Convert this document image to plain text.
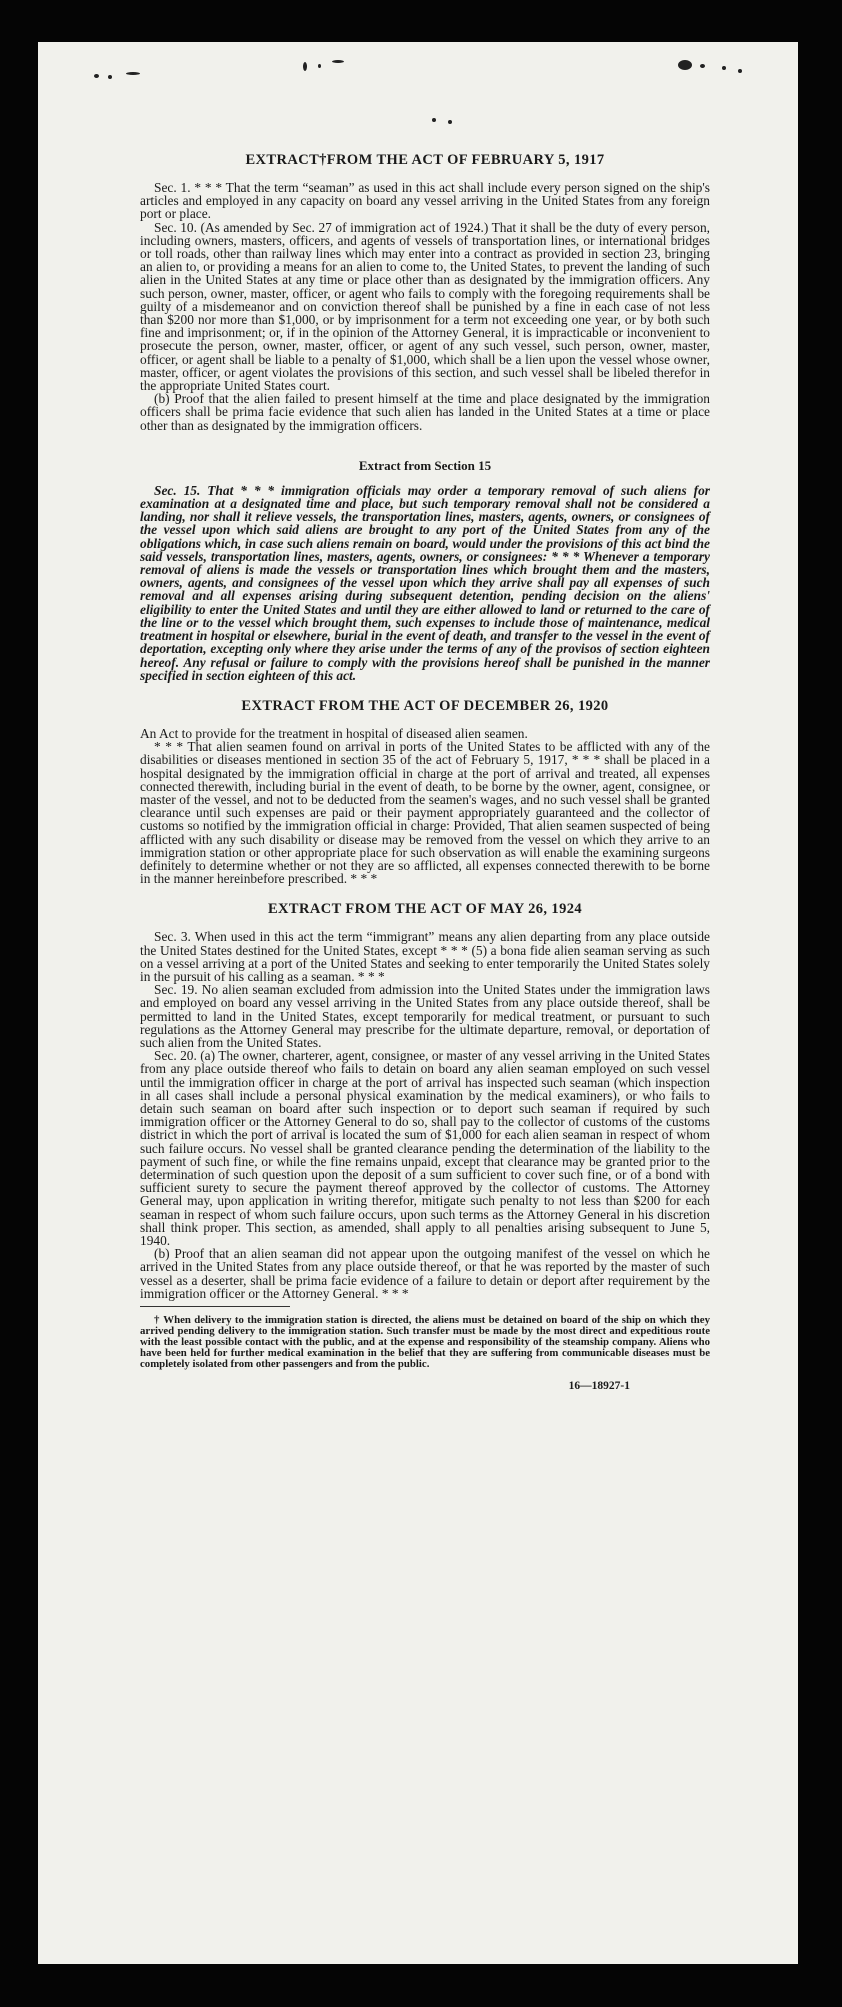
EXTRACT†FROM THE ACT OF FEBRUARY 5, 1917

Sec. 1. * * * That the term “seaman” as used in this act shall include every person signed on the ship's articles and employed in any capacity on board any vessel arriving in the United States from any foreign port or place.

Sec. 10. (As amended by Sec. 27 of immigration act of 1924.) That it shall be the duty of every person, including owners, masters, officers, and agents of vessels of transportation lines, or international bridges or toll roads, other than railway lines which may enter into a contract as provided in section 23, bringing an alien to, or providing a means for an alien to come to, the United States, to prevent the landing of such alien in the United States at any time or place other than as designated by the immigration officers. Any such person, owner, master, officer, or agent who fails to comply with the foregoing requirements shall be guilty of a misdemeanor and on conviction thereof shall be punished by a fine in each case of not less than $200 nor more than $1,000, or by imprisonment for a term not exceeding one year, or by both such fine and imprisonment; or, if in the opinion of the Attorney General, it is impracticable or inconvenient to prosecute the person, owner, master, officer, or agent of any such vessel, such person, owner, master, officer, or agent shall be liable to a penalty of $1,000, which shall be a lien upon the vessel whose owner, master, officer, or agent violates the provisions of this section, and such vessel shall be libeled therefor in the appropriate United States court.

(b) Proof that the alien failed to present himself at the time and place designated by the immigration officers shall be prima facie evidence that such alien has landed in the United States at a time or place other than as designated by the immigration officers.

Extract from Section 15

Sec. 15. That * * * immigration officials may order a temporary removal of such aliens for examination at a designated time and place, but such temporary removal shall not be considered a landing, nor shall it relieve vessels, the transportation lines, masters, agents, owners, or consignees of the vessel upon which said aliens are brought to any port of the United States from any of the obligations which, in case such aliens remain on board, would under the provisions of this act bind the said vessels, transportation lines, masters, agents, owners, or consignees: * * * Whenever a temporary removal of aliens is made the vessels or transportation lines which brought them and the masters, owners, agents, and consignees of the vessel upon which they arrive shall pay all expenses of such removal and all expenses arising during subsequent detention, pending decision on the aliens' eligibility to enter the United States and until they are either allowed to land or returned to the care of the line or to the vessel which brought them, such expenses to include those of maintenance, medical treatment in hospital or elsewhere, burial in the event of death, and transfer to the vessel in the event of deportation, excepting only where they arise under the terms of any of the provisos of section eighteen hereof. Any refusal or failure to comply with the provisions hereof shall be punished in the manner specified in section eighteen of this act.

EXTRACT FROM THE ACT OF DECEMBER 26, 1920

An Act to provide for the treatment in hospital of diseased alien seamen.

* * * That alien seamen found on arrival in ports of the United States to be afflicted with any of the disabilities or diseases mentioned in section 35 of the act of February 5, 1917, * * * shall be placed in a hospital designated by the immigration official in charge at the port of arrival and treated, all expenses connected therewith, including burial in the event of death, to be borne by the owner, agent, consignee, or master of the vessel, and not to be deducted from the seamen's wages, and no such vessel shall be granted clearance until such expenses are paid or their payment appropriately guaranteed and the collector of customs so notified by the immigration official in charge: Provided, That alien seamen suspected of being afflicted with any such disability or disease may be removed from the vessel on which they arrive to an immigration station or other appropriate place for such observation as will enable the examining surgeons definitely to determine whether or not they are so afflicted, all expenses connected therewith to be borne in the manner hereinbefore prescribed. * * *

EXTRACT FROM THE ACT OF MAY 26, 1924

Sec. 3. When used in this act the term “immigrant” means any alien departing from any place outside the United States destined for the United States, except * * * (5) a bona fide alien seaman serving as such on a vessel arriving at a port of the United States and seeking to enter temporarily the United States solely in the pursuit of his calling as a seaman. * * *

Sec. 19. No alien seaman excluded from admission into the United States under the immigration laws and employed on board any vessel arriving in the United States from any place outside thereof, shall be permitted to land in the United States, except temporarily for medical treatment, or pursuant to such regulations as the Attorney General may prescribe for the ultimate departure, removal, or deportation of such alien from the United States.

Sec. 20. (a) The owner, charterer, agent, consignee, or master of any vessel arriving in the United States from any place outside thereof who fails to detain on board any alien seaman employed on such vessel until the immigration officer in charge at the port of arrival has inspected such seaman (which inspection in all cases shall include a personal physical examination by the medical examiners), or who fails to detain such seaman on board after such inspection or to deport such seaman if required by such immigration officer or the Attorney General to do so, shall pay to the collector of customs of the customs district in which the port of arrival is located the sum of $1,000 for each alien seaman in respect of whom such failure occurs. No vessel shall be granted clearance pending the determination of the liability to the payment of such fine, or while the fine remains unpaid, except that clearance may be granted prior to the determination of such question upon the deposit of a sum sufficient to cover such fine, or of a bond with sufficient surety to secure the payment thereof approved by the collector of customs. The Attorney General may, upon application in writing therefor, mitigate such penalty to not less than $200 for each seaman in respect of whom such failure occurs, upon such terms as the Attorney General in his discretion shall think proper. This section, as amended, shall apply to all penalties arising subsequent to June 5, 1940.

(b) Proof that an alien seaman did not appear upon the outgoing manifest of the vessel on which he arrived in the United States from any place outside thereof, or that he was reported by the master of such vessel as a deserter, shall be prima facie evidence of a failure to detain or deport after requirement by the immigration officer or the Attorney General. * * *

† When delivery to the immigration station is directed, the aliens must be detained on board of the ship on which they arrived pending delivery to the immigration station. Such transfer must be made by the most direct and expeditious route with the least possible contact with the public, and at the expense and responsibility of the steamship company. Aliens who have been held for further medical examination in the belief that they are suffering from communicable diseases must be completely isolated from other passengers and from the public.

16—18927-1
